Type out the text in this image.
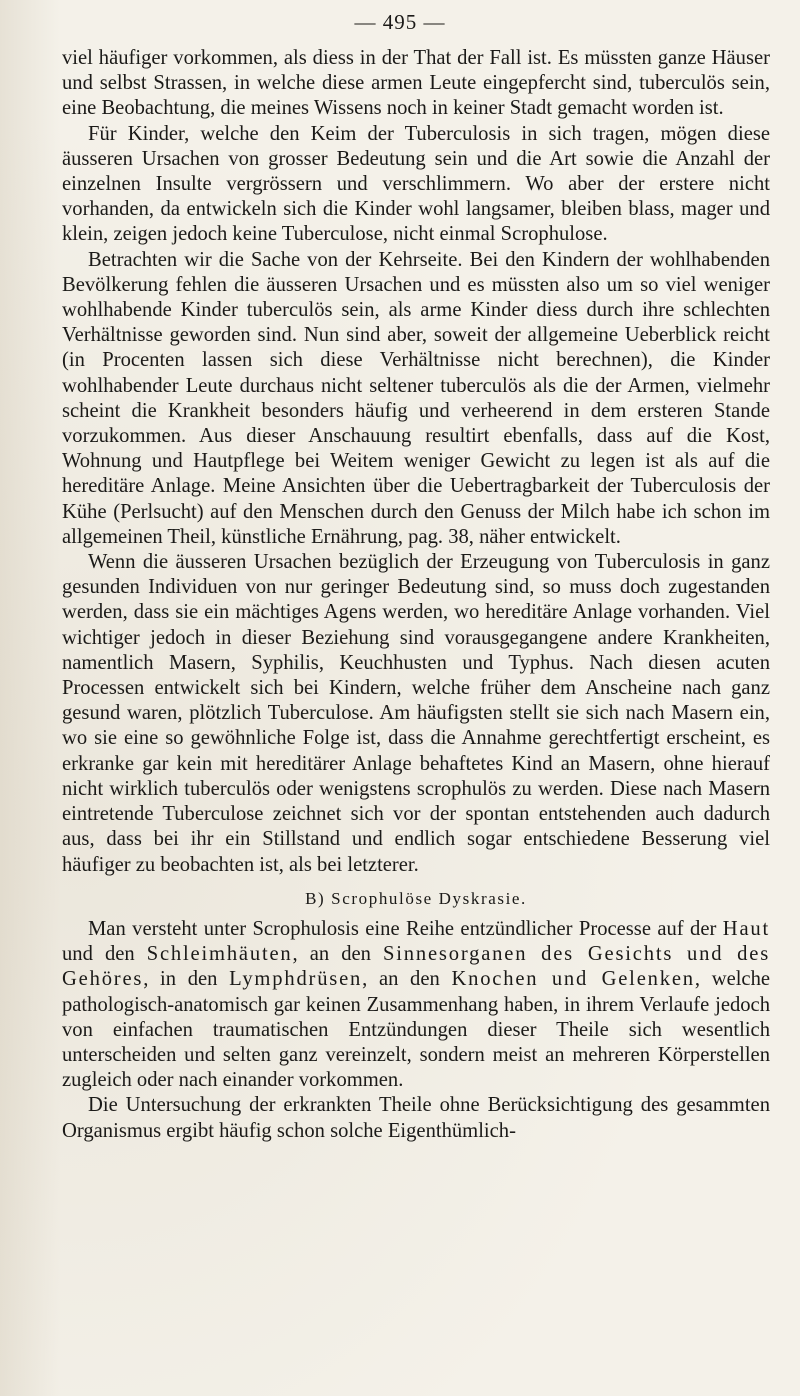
— 495 —

viel häufiger vorkommen, als diess in der That der Fall ist. Es müssten ganze Häuser und selbst Strassen, in welche diese armen Leute eingepfercht sind, tuberculös sein, eine Beobachtung, die meines Wissens noch in keiner Stadt gemacht worden ist.

Für Kinder, welche den Keim der Tuberculosis in sich tragen, mögen diese äusseren Ursachen von grosser Bedeutung sein und die Art sowie die Anzahl der einzelnen Insulte vergrössern und verschlimmern. Wo aber der erstere nicht vorhanden, da entwickeln sich die Kinder wohl langsamer, bleiben blass, mager und klein, zeigen jedoch keine Tuberculose, nicht einmal Scrophulose.

Betrachten wir die Sache von der Kehrseite. Bei den Kindern der wohlhabenden Bevölkerung fehlen die äusseren Ursachen und es müssten also um so viel weniger wohlhabende Kinder tuberculös sein, als arme Kinder diess durch ihre schlechten Verhältnisse geworden sind. Nun sind aber, soweit der allgemeine Ueberblick reicht (in Procenten lassen sich diese Verhältnisse nicht berechnen), die Kinder wohlhabender Leute durchaus nicht seltener tuberculös als die der Armen, vielmehr scheint die Krankheit besonders häufig und verheerend in dem ersteren Stande vorzukommen. Aus dieser Anschauung resultirt ebenfalls, dass auf die Kost, Wohnung und Hautpflege bei Weitem weniger Gewicht zu legen ist als auf die hereditäre Anlage. Meine Ansichten über die Uebertragbarkeit der Tuberculosis der Kühe (Perlsucht) auf den Menschen durch den Genuss der Milch habe ich schon im allgemeinen Theil, künstliche Ernährung, pag. 38, näher entwickelt.

Wenn die äusseren Ursachen bezüglich der Erzeugung von Tuberculosis in ganz gesunden Individuen von nur geringer Bedeutung sind, so muss doch zugestanden werden, dass sie ein mächtiges Agens werden, wo hereditäre Anlage vorhanden. Viel wichtiger jedoch in dieser Beziehung sind vorausgegangene andere Krankheiten, namentlich Masern, Syphilis, Keuchhusten und Typhus. Nach diesen acuten Processen entwickelt sich bei Kindern, welche früher dem Anscheine nach ganz gesund waren, plötzlich Tuberculose. Am häufigsten stellt sie sich nach Masern ein, wo sie eine so gewöhnliche Folge ist, dass die Annahme gerechtfertigt erscheint, es erkranke gar kein mit hereditärer Anlage behaftetes Kind an Masern, ohne hierauf nicht wirklich tuberculös oder wenigstens scrophulös zu werden. Diese nach Masern eintretende Tuberculose zeichnet sich vor der spontan entstehenden auch dadurch aus, dass bei ihr ein Stillstand und endlich sogar entschiedene Besserung viel häufiger zu beobachten ist, als bei letzterer.

B) Scrophulöse Dyskrasie.

Man versteht unter Scrophulosis eine Reihe entzündlicher Processe auf der Haut und den Schleimhäuten, an den Sinnesorganen des Gesichts und des Gehöres, in den Lymphdrüsen, an den Knochen und Gelenken, welche pathologisch-anatomisch gar keinen Zusammenhang haben, in ihrem Verlaufe jedoch von einfachen traumatischen Entzündungen dieser Theile sich wesentlich unterscheiden und selten ganz vereinzelt, sondern meist an mehreren Körperstellen zugleich oder nach einander vorkommen.

Die Untersuchung der erkrankten Theile ohne Berücksichtigung des gesammten Organismus ergibt häufig schon solche Eigenthümlich-
